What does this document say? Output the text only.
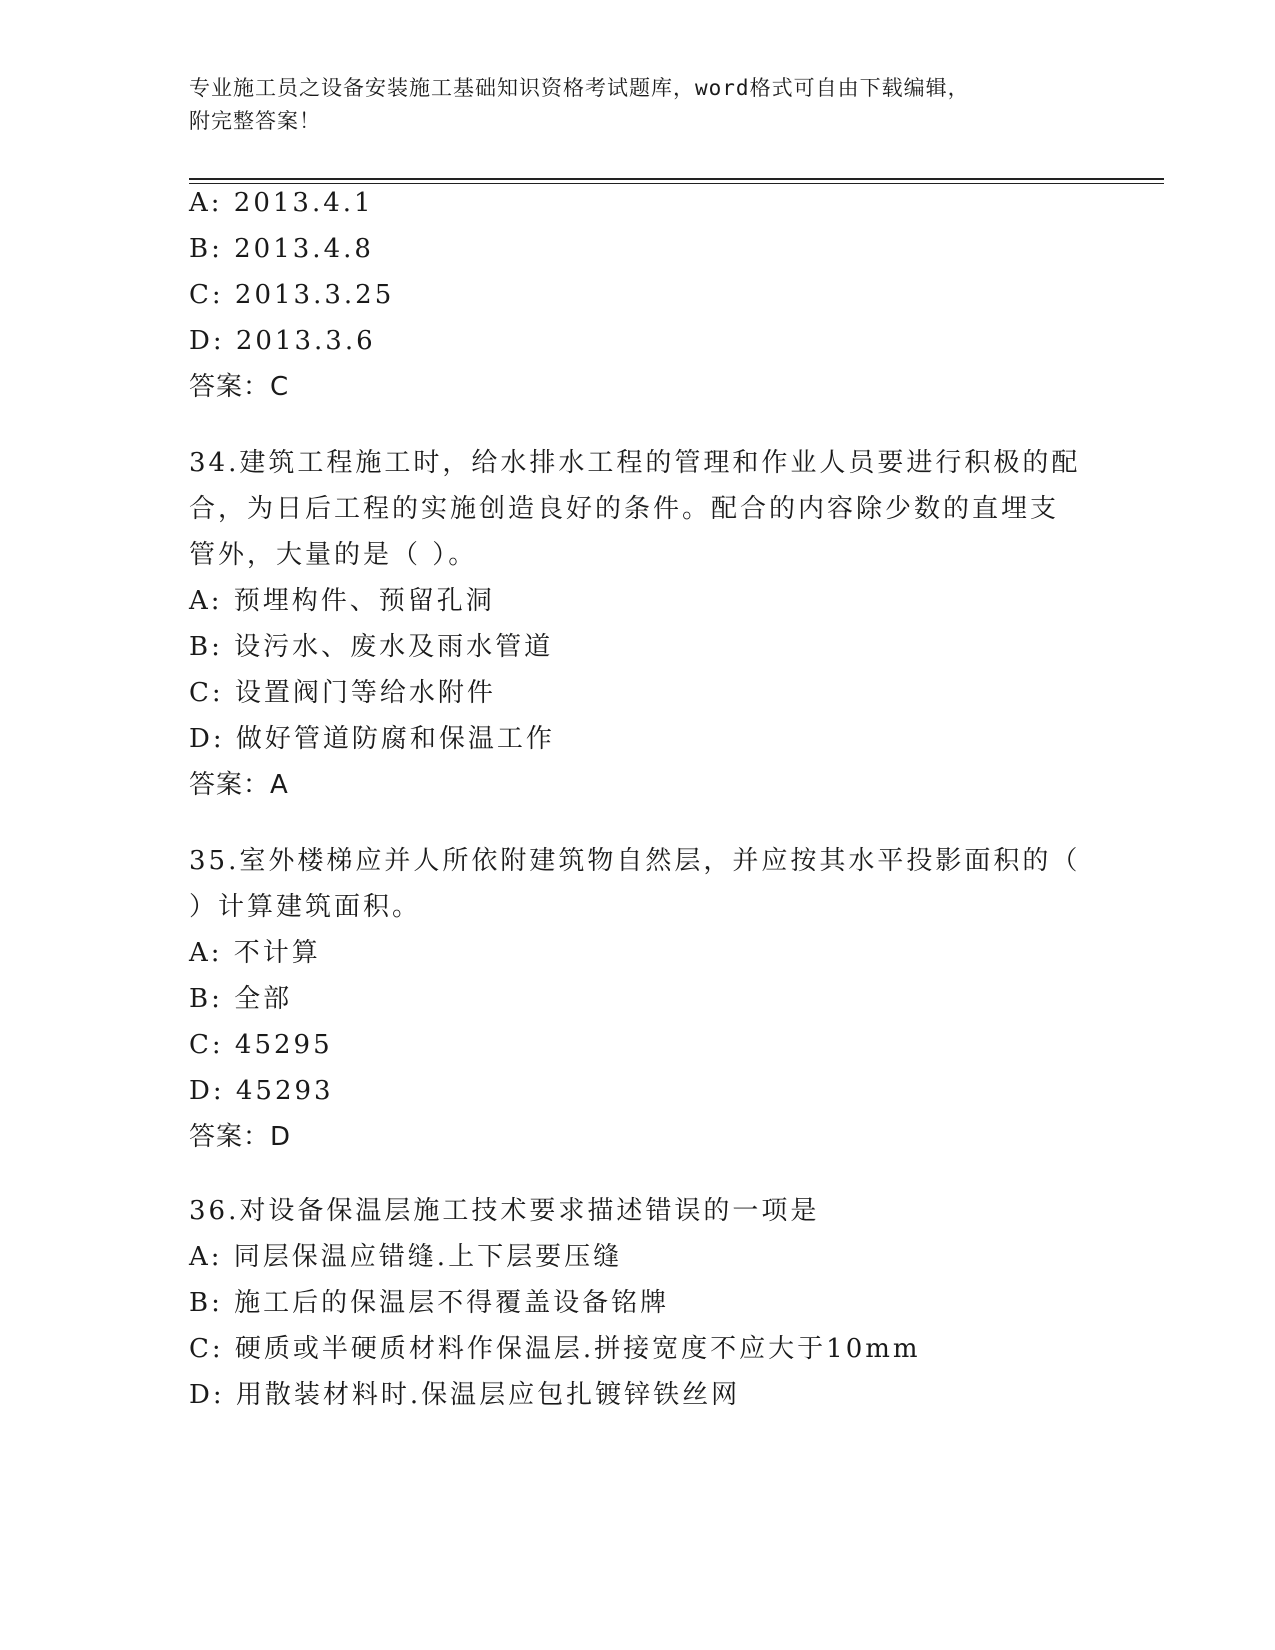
专业施工员之设备安装施工基础知识资格考试题库，word格式可自由下载编辑，
附完整答案！
A: 2013.4.1
B: 2013.4.8
C: 2013.3.25
D: 2013.3.6
答案：C
34.建筑工程施工时，给水排水工程的管理和作业人员要进行积极的配
合，为日后工程的实施创造良好的条件。配合的内容除少数的直埋支
管外，大量的是（ ）。
A: 预埋构件、预留孔洞
B: 设污水、废水及雨水管道
C: 设置阀门等给水附件
D: 做好管道防腐和保温工作
答案：A
35.室外楼梯应并人所依附建筑物自然层，并应按其水平投影面积的（
）计算建筑面积。
A: 不计算
B: 全部
C: 45295
D: 45293
答案：D
36.对设备保温层施工技术要求描述错误的一项是
A: 同层保温应错缝.上下层要压缝
B: 施工后的保温层不得覆盖设备铭牌
C: 硬质或半硬质材料作保温层.拼接宽度不应大于10mm
D: 用散装材料时.保温层应包扎镀锌铁丝网
